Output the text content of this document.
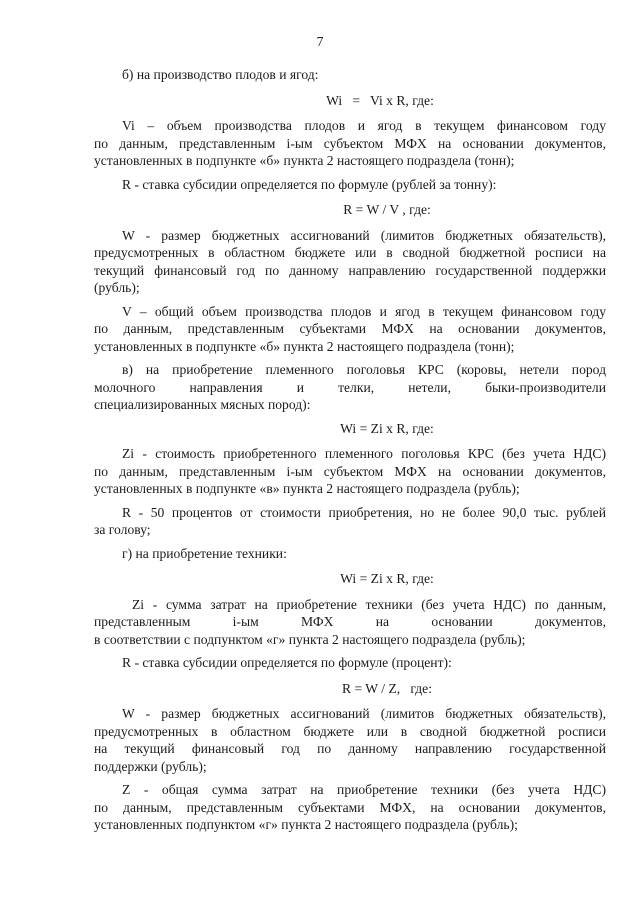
7
б) на производство плодов и ягод:
Wi   =   Vi x R, где:
Vi – объем производства плодов и ягод в текущем финансовом году
по данным, представленным i-ым субъектом МФХ на основании документов,
установленных в подпункте «б» пункта 2 настоящего подраздела (тонн);
R - ставка субсидии определяется по формуле (рублей за тонну):
R = W / V , где:
W - размер бюджетных ассигнований (лимитов бюджетных обязательств),
предусмотренных в областном бюджете или в сводной бюджетной росписи на
текущий финансовый год по данному направлению государственной поддержки
(рубль);
V – общий объем производства плодов и ягод в текущем финансовом году
по данным, представленным субъектами МФХ на основании документов,
установленных в подпункте «б» пункта 2 настоящего подраздела (тонн);
в) на приобретение племенного поголовья КРС (коровы, нетели пород
молочного направления и телки, нетели, быки-производители
специализированных мясных пород):
Wi = Zi x R, где:
Zi - стоимость приобретенного племенного поголовья КРС (без учета НДС)
по данным, представленным i-ым субъектом МФХ на основании документов,
установленных в подпункте «в» пункта 2 настоящего подраздела (рубль);
R - 50 процентов от стоимости приобретения, но не более 90,0 тыс. рублей
за голову;
г) на приобретение техники:
Wi = Zi x R, где:
Zi - сумма затрат на приобретение техники (без учета НДС) по данным,
представленным i-ым МФХ на основании документов,
в соответствии с подпунктом «г» пункта 2 настоящего подраздела (рубль);
R - ставка субсидии определяется по формуле (процент):
R = W / Z,   где:
W - размер бюджетных ассигнований (лимитов бюджетных обязательств),
предусмотренных в областном бюджете или в сводной бюджетной росписи
на текущий финансовый год по данному направлению государственной
поддержки (рубль);
Z - общая сумма затрат на приобретение техники (без учета НДС)
по данным, представленным субъектами МФХ, на основании документов,
установленных подпунктом «г» пункта 2 настоящего подраздела (рубль);
